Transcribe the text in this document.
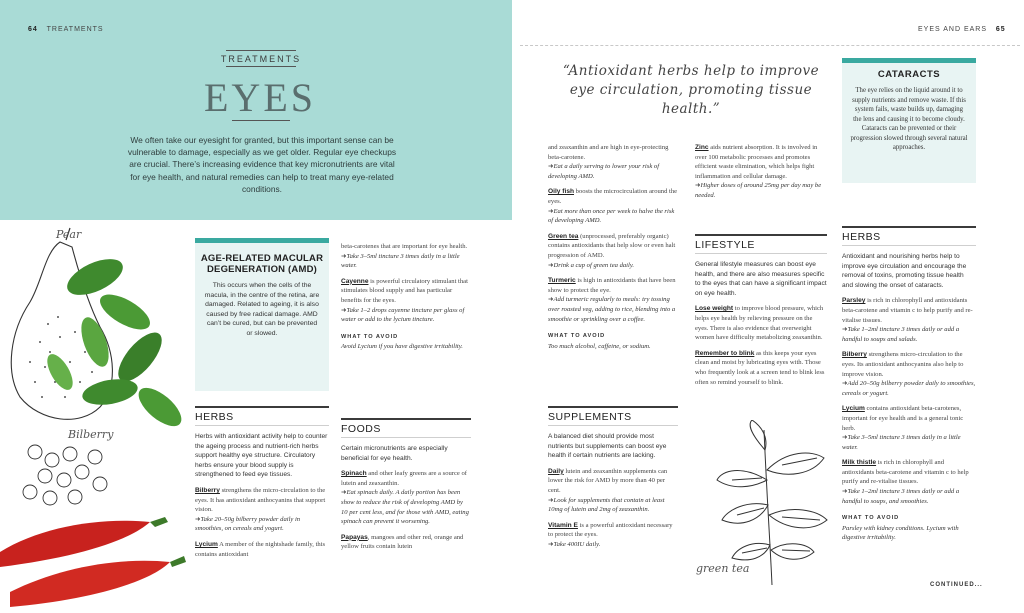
64 TREATMENTS	EYES AND EARS 65
TREATMENTS
EYES
We often take our eyesight for granted, but this important sense can be vulnerable to damage, especially as we get older. Regular eye checkups are crucial. There’s increasing evidence that key micronutrients are vital for eye health, and natural remedies can help to treat many eye-related conditions.
Pear
Bilberry
AGE-RELATED MACULAR DEGENERATION (AMD)
This occurs when the cells of the macula, in the centre of the retina, are damaged. Related to ageing, it is also caused by free radical damage. AMD can’t be cured, but can be prevented or slowed.
HERBS

Herbs with antioxidant activity help to counter the ageing process and nutrient-rich herbs support healthy eye structure. Circulatory herbs ensure your blood supply is strengthened to feed eye tissues.

Bilberry strengthens the micro-circulation to the eyes. It has antioxidant anthocyanins that support vision.
➜Take 20–50g bilberry powder daily in smoothies, on cereals and yogurt.

Lycium A member of the nightshade family, this contains antioxidant

beta-carotenes that are important for eye health.
➜Take 3–5ml tincture 3 times daily in a little water.

Cayenne is powerful circulatory stimulant that stimulates blood supply and has particular benefits for the eyes.
➜Take 1–2 drops cayenne tincture per glass of water or add to the lycium tincture.

WHAT TO AVOID

Avoid Lycium if you have digestive irritability.

FOODS

Certain micronutrients are especially beneficial for eye health.

Spinach and other leafy greens are a source of lutein and zeaxanthin.
➜Eat spinach daily. A daily portion has been show to reduce the risk of developing AMD by 10 per cent less, and for those with AMD, eating spinach can prevent it worsening.

Papayas, mangoes and other red, orange and yellow fruits contain lutein

and zeaxanthin and are high in eye-protecting beta-carotene.
➜Eat a daily serving to lower your risk of developing AMD.

Oily fish boosts the microcirculation around the eyes.
➜Eat more than once per week to halve the risk of developing AMD.

Green tea (unprocessed, preferably organic) contains antioxidants that help slow or even halt progression of AMD.
➜Drink a cup of green tea daily.

Turmeric is high in antioxidants that have been show to protect the eye.
➜Add turmeric regularly to meals: try tossing over roasted veg, adding to rice, blending into a smoothie or sprinkling over a coffee.

WHAT TO AVOID

Too much alcohol, caffeine, or sodium.

SUPPLEMENTS

A balanced diet should provide most nutrients but supplements can boost eye health if certain nutrients are lacking.

Daily lutein and zeaxanthin supplements can lower the risk for AMD by more than 40 per cent.
➜Look for supplements that contain at least 10mg of lutein and 2mg of zeaxanthin.

Vitamin E is a powerful antioxidant necessary to protect the eyes.
➜Take 400IU daily.

“Antioxidant herbs help to improve eye circulation, promoting tissue health.”

Zinc aids nutrient absorption. It is involved in over 100 metabolic processes and promotes efficient waste elimination, which helps fight inflammation and cellular damage.
➜Higher doses of around 25mg per day may be needed.

LIFESTYLE

General lifestyle measures can boost eye health, and there are also measures specific to the eyes that can have a significant impact on eye health.

Lose weight to improve blood pressure, which helps eye health by relieving pressure on the eyes. There is also evidence that overweight women have difficulty metabolizing zeaxanthin.

Remember to blink as this keeps your eyes clean and moist by lubricating eyes with. Those who frequently look at a screen tend to blink less often so remind yourself to blink.

green tea
CATARACTS
The eye relies on the liquid around it to supply nutrients and remove waste. If this system fails, waste builds up, damaging the lens and causing it to become cloudy. Cataracts can be prevented or their progression slowed through several natural approaches.
HERBS

Antioxidant and nourishing herbs help to improve eye circulation and encourage the removal of toxins, promoting tissue health and slowing the onset of cataracts.

Parsley is rich in chlorophyll and antioxidants beta-carotene and vitamin c to help purify and re-vitalise tissues.
➜Take 1–2ml tincture 3 times daily or add a handful to soups and salads.

Bilberry strengthens micro-circulation to the eyes. Its antioxidant anthocyanins also help to improve vision.
➜Add 20–50g bilberry powder daily to smoothies, cereals or yogurt.

Lycium contains antioxidant beta-carotenes, important for eye health and is a general tonic herb.
➜Take 3–5ml tincture 3 times daily in a little water.

Milk thistle is rich in chlorophyll and antioxidants beta-carotene and vitamin c to help purify and re-vitalise tissues.
➜Take 1–2ml tincture 3 times daily or add a handful to soups, and smoothies.

WHAT TO AVOID

Parsley with kidney conditions. Lycium with digestive irritability.

CONTINUED...
